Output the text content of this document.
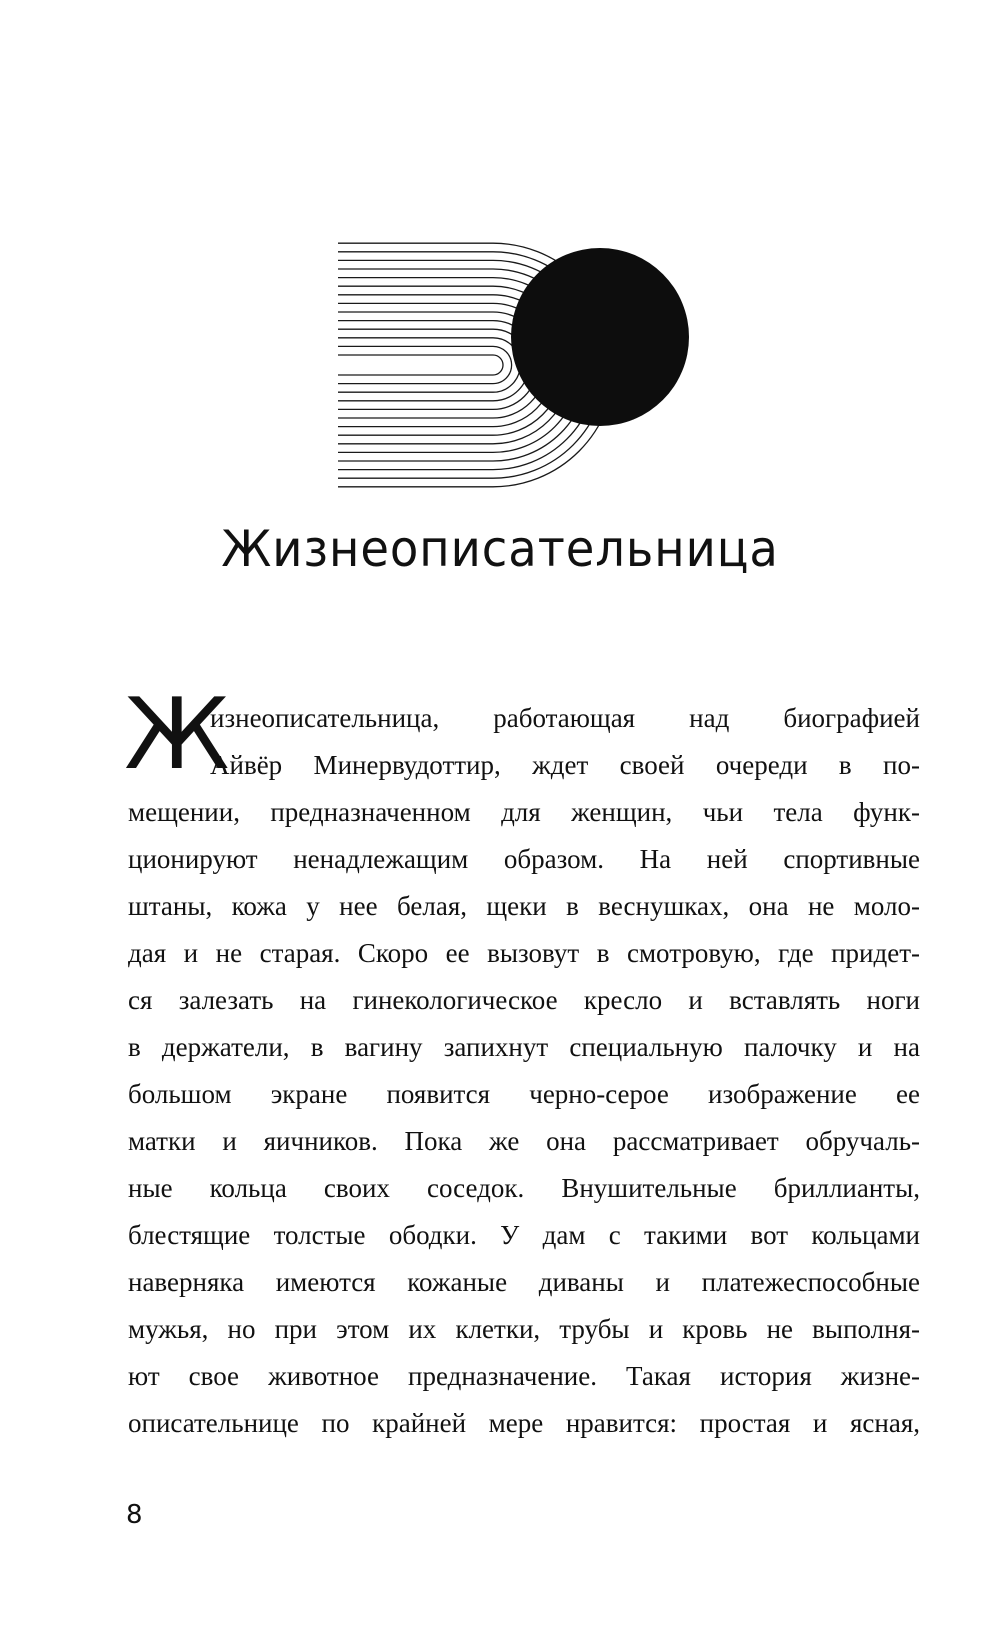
Жизнеописательница
Ж
изнеописательница, работающая над биографией
Айвёр Минервудоттир, ждет своей очереди в по-
мещении, предназначенном для женщин, чьи тела функ-
ционируют ненадлежащим образом. На ней спортивные
штаны, кожа у нее белая, щеки в веснушках, она не моло-
дая и не старая. Скоро ее вызовут в смотровую, где придет-
ся залезать на гинекологическое кресло и вставлять ноги
в держатели, в вагину запихнут специальную палочку и на
большом экране появится черно-серое изображение ее
матки и яичников. Пока же она рассматривает обручаль-
ные кольца своих соседок. Внушительные бриллианты,
блестящие толстые ободки. У дам с такими вот кольцами
наверняка имеются кожаные диваны и платежеспособные
мужья, но при этом их клетки, трубы и кровь не выполня-
ют свое животное предназначение. Такая история жизне-
описательнице по крайней мере нравится: простая и ясная,
8
